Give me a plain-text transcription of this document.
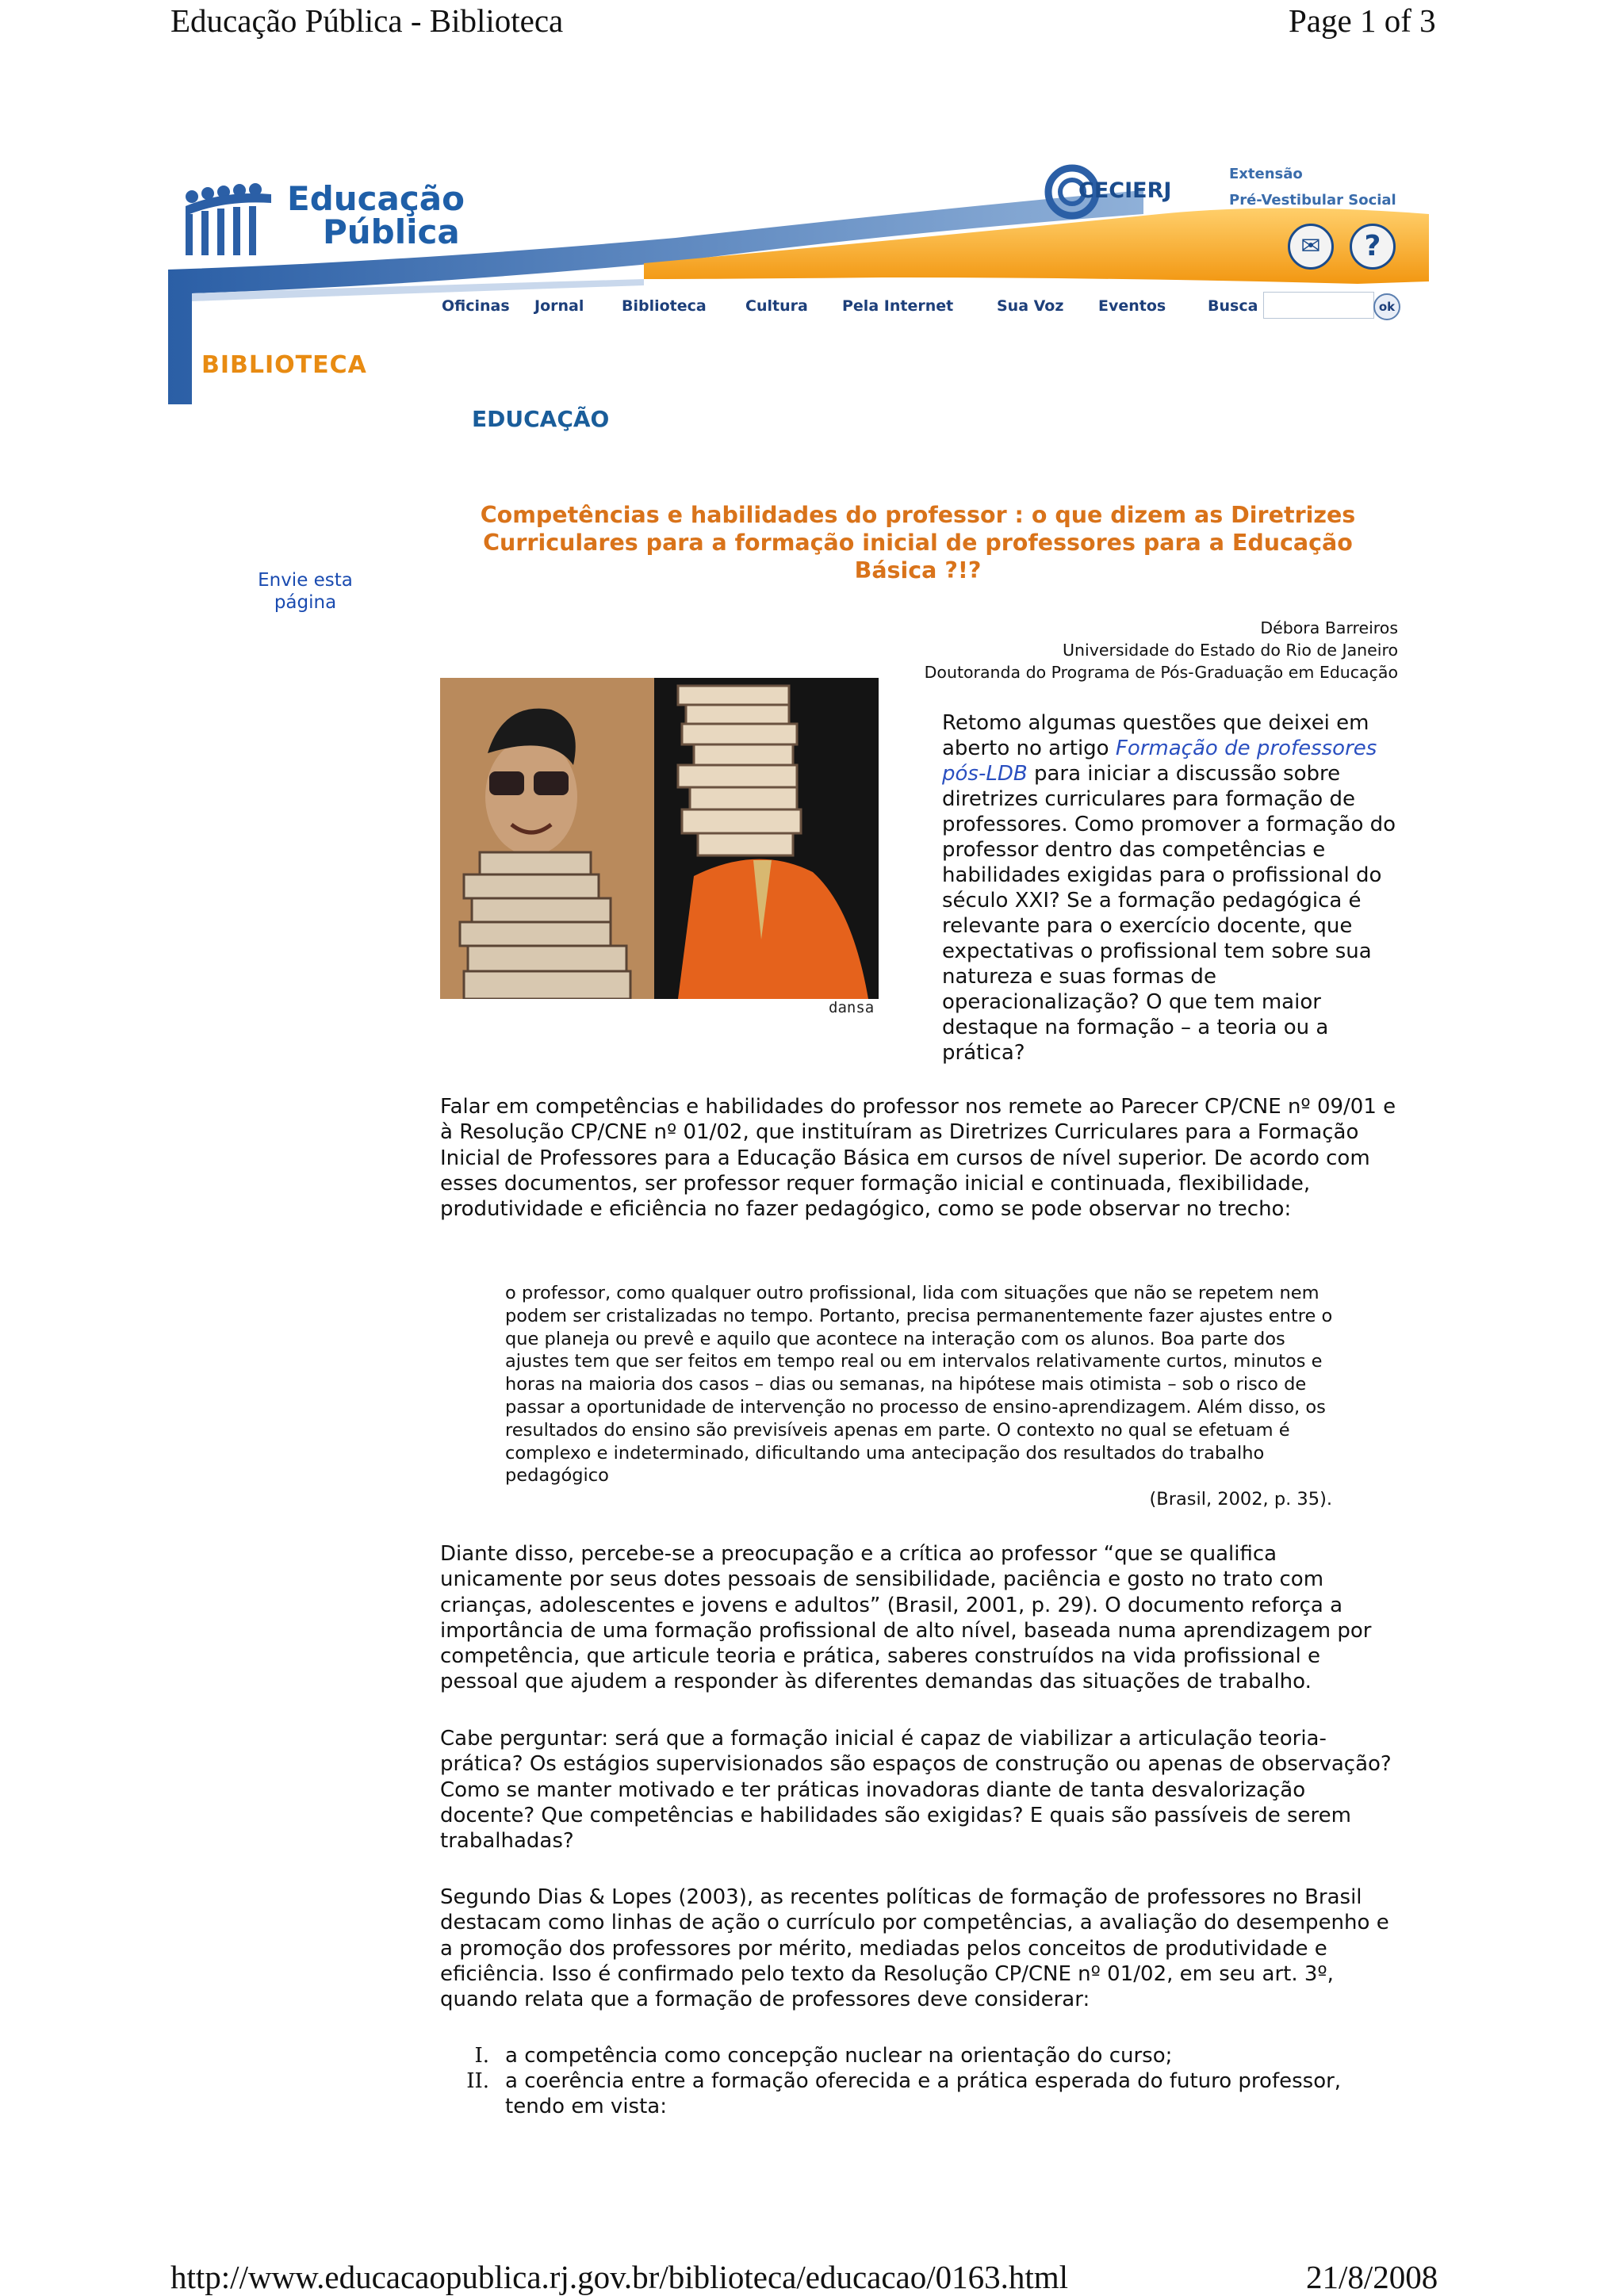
Educação Pública - Biblioteca	Page 1 of 3
Educação
Pública
CECIERJ
Extensão
Pré-Vestibular Social
✉	?
Oficinas Jornal	Biblioteca	Cultura Pela Internet	Sua Voz Eventos	Busca	ok
BIBLIOTECA
EDUCAÇÃO
Envie esta página
Competências e habilidades do professor : o que dizem as Diretrizes Curriculares para a formação inicial de professores para a Educação Básica ?!?
Débora Barreiros
Universidade do Estado do Rio de Janeiro
Doutoranda do Programa de Pós-Graduação em Educação
dansa

Retomo algumas questões que deixei em aberto no artigo Formação de professores pós-LDB para iniciar a discussão sobre diretrizes curriculares para formação de professores. Como promover a formação do professor dentro das competências e habilidades exigidas para o profissional do século XXI? Se a formação pedagógica é relevante para o exercício docente, que expectativas o profissional tem sobre sua natureza e suas formas de operacionalização? O que tem maior destaque na formação – a teoria ou a prática?

Falar em competências e habilidades do professor nos remete ao Parecer CP/CNE nº 09/01 e à Resolução CP/CNE nº 01/02, que instituíram as Diretrizes Curriculares para a Formação Inicial de Professores para a Educação Básica em cursos de nível superior. De acordo com esses documentos, ser professor requer formação inicial e continuada, flexibilidade, produtividade e eficiência no fazer pedagógico, como se pode observar no trecho:

o professor, como qualquer outro profissional, lida com situações que não se repetem nem podem ser cristalizadas no tempo. Portanto, precisa permanentemente fazer ajustes entre o que planeja ou prevê e aquilo que acontece na interação com os alunos. Boa parte dos ajustes tem que ser feitos em tempo real ou em intervalos relativamente curtos, minutos e horas na maioria dos casos – dias ou semanas, na hipótese mais otimista – sob o risco de passar a oportunidade de intervenção no processo de ensino-aprendizagem. Além disso, os resultados do ensino são previsíveis apenas em parte. O contexto no qual se efetuam é complexo e indeterminado, dificultando uma antecipação dos resultados do trabalho pedagógico
(Brasil, 2002, p. 35).

Diante disso, percebe-se a preocupação e a crítica ao professor “que se qualifica unicamente por seus dotes pessoais de sensibilidade, paciência e gosto no trato com crianças, adolescentes e jovens e adultos” (Brasil, 2001, p. 29). O documento reforça a importância de uma formação profissional de alto nível, baseada numa aprendizagem por competência, que articule teoria e prática, saberes construídos na vida profissional e pessoal que ajudem a responder às diferentes demandas das situações de trabalho.

Cabe perguntar: será que a formação inicial é capaz de viabilizar a articulação teoria-prática? Os estágios supervisionados são espaços de construção ou apenas de observação? Como se manter motivado e ter práticas inovadoras diante de tanta desvalorização docente? Que competências e habilidades são exigidas? E quais são passíveis de serem trabalhadas?

Segundo Dias & Lopes (2003), as recentes políticas de formação de professores no Brasil destacam como linhas de ação o currículo por competências, a avaliação do desempenho e a promoção dos professores por mérito, mediadas pelos conceitos de produtividade e eficiência. Isso é confirmado pelo texto da Resolução CP/CNE nº 01/02, em seu art. 3º, quando relata que a formação de professores deve considerar:

I. a competência como concepção nuclear na orientação do curso;
II. a coerência entre a formação oferecida e a prática esperada do futuro professor, tendo em vista:
http://www.educacaopublica.rj.gov.br/biblioteca/educacao/0163.html	21/8/2008
